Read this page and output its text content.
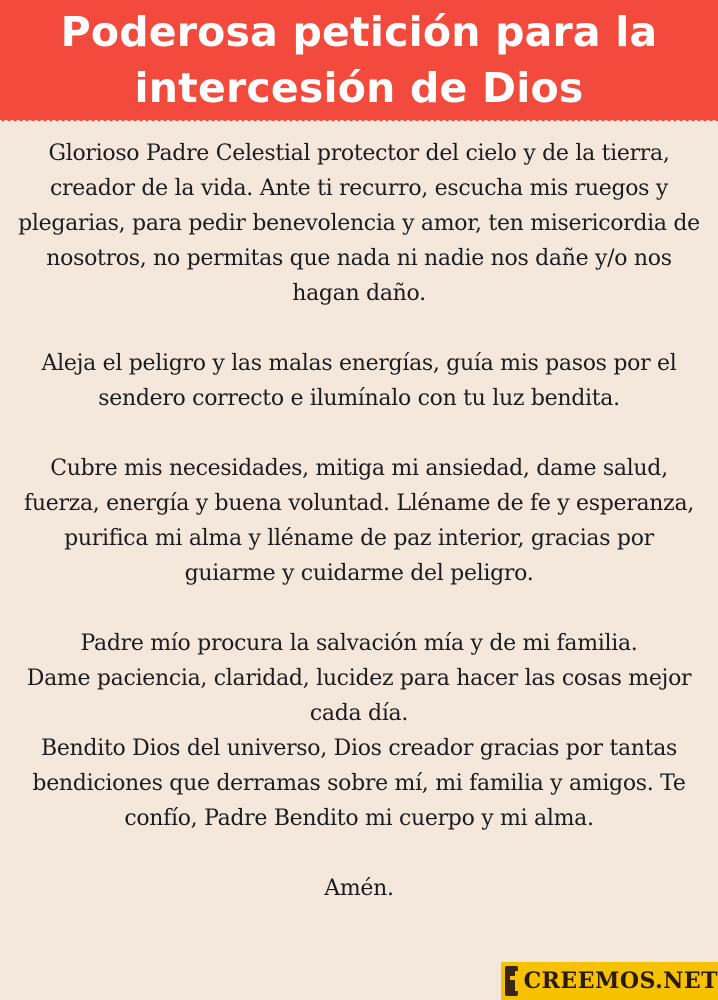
Poderosa petición para la intercesión de Dios

Glorioso Padre Celestial protector del cielo y de la tierra, creador de la vida. Ante ti recurro, escucha mis ruegos y plegarias, para pedir benevolencia y amor, ten misericordia de nosotros, no permitas que nada ni nadie nos dañe y/o nos hagan daño.

Aleja el peligro y las malas energías, guía mis pasos por el sendero correcto e ilumínalo con tu luz bendita.

Cubre mis necesidades, mitiga mi ansiedad, dame salud, fuerza, energía y buena voluntad. Lléname de fe y esperanza, purifica mi alma y lléname de paz interior, gracias por guiarme y cuidarme del peligro.

Padre mío procura la salvación mía y de mi familia.

Dame paciencia, claridad, lucidez para hacer las cosas mejor cada día.

Bendito Dios del universo, Dios creador gracias por tantas bendiciones que derramas sobre mí, mi familia y amigos. Te confío, Padre Bendito mi cuerpo y mi alma.

Amén.

CREEMOS.NET
